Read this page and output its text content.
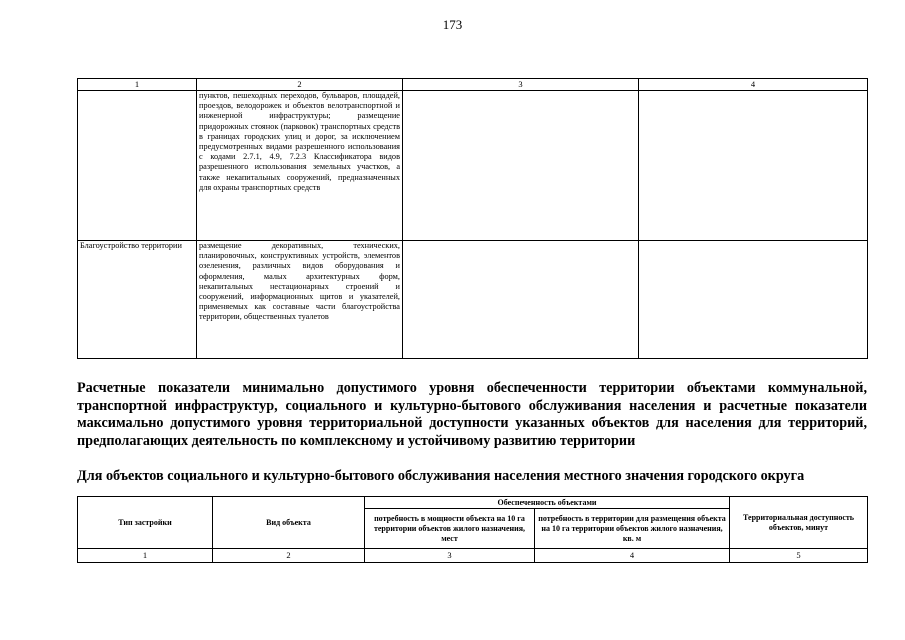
173
1	2	3	4
	пунктов, пешеходных переходов, бульваров, площадей, проездов, велодорожек и объектов велотранспортной и инженерной инфраструктуры; размещение придорожных стоянок (парковок) транспортных средств в границах городских улиц и дорог, за исключением предусмотренных видами разрешенного использования с кодами 2.7.1, 4.9, 7.2.3 Классификатора видов разрешенного использования земельных участков, а также некапитальных сооружений, предназначенных для охраны транспортных средств		
Благоустройство территории	размещение декоративных, технических, планировочных, конструктивных устройств, элементов озеленения, различных видов оборудования и оформления, малых архитектурных форм, некапитальных нестационарных строений и сооружений, информационных щитов и указателей, применяемых как составные части благоустройства территории, общественных туалетов		
Расчетные показатели минимально допустимого уровня обеспеченности территории объектами коммунальной, транспортной инфраструктур, социального и культурно-бытового обслуживания населения и расчетные показатели максимально допустимого уровня территориальной доступности указанных объектов для населения для территорий, предполагающих деятельность по комплексному и устойчивому развитию территории
Для объектов социального и культурно-бытового обслуживания населения местного значения городского округа
Тип застройки	Вид объекта	Обеспеченность объектами		Территориальная доступность объектов, минут
		потребность в мощности объекта на 10 га территории объектов жилого назначения, мест	потребность в территории для размещения объекта на 10 га территории объектов жилого назначения, кв. м	
1	2	3	4	5
